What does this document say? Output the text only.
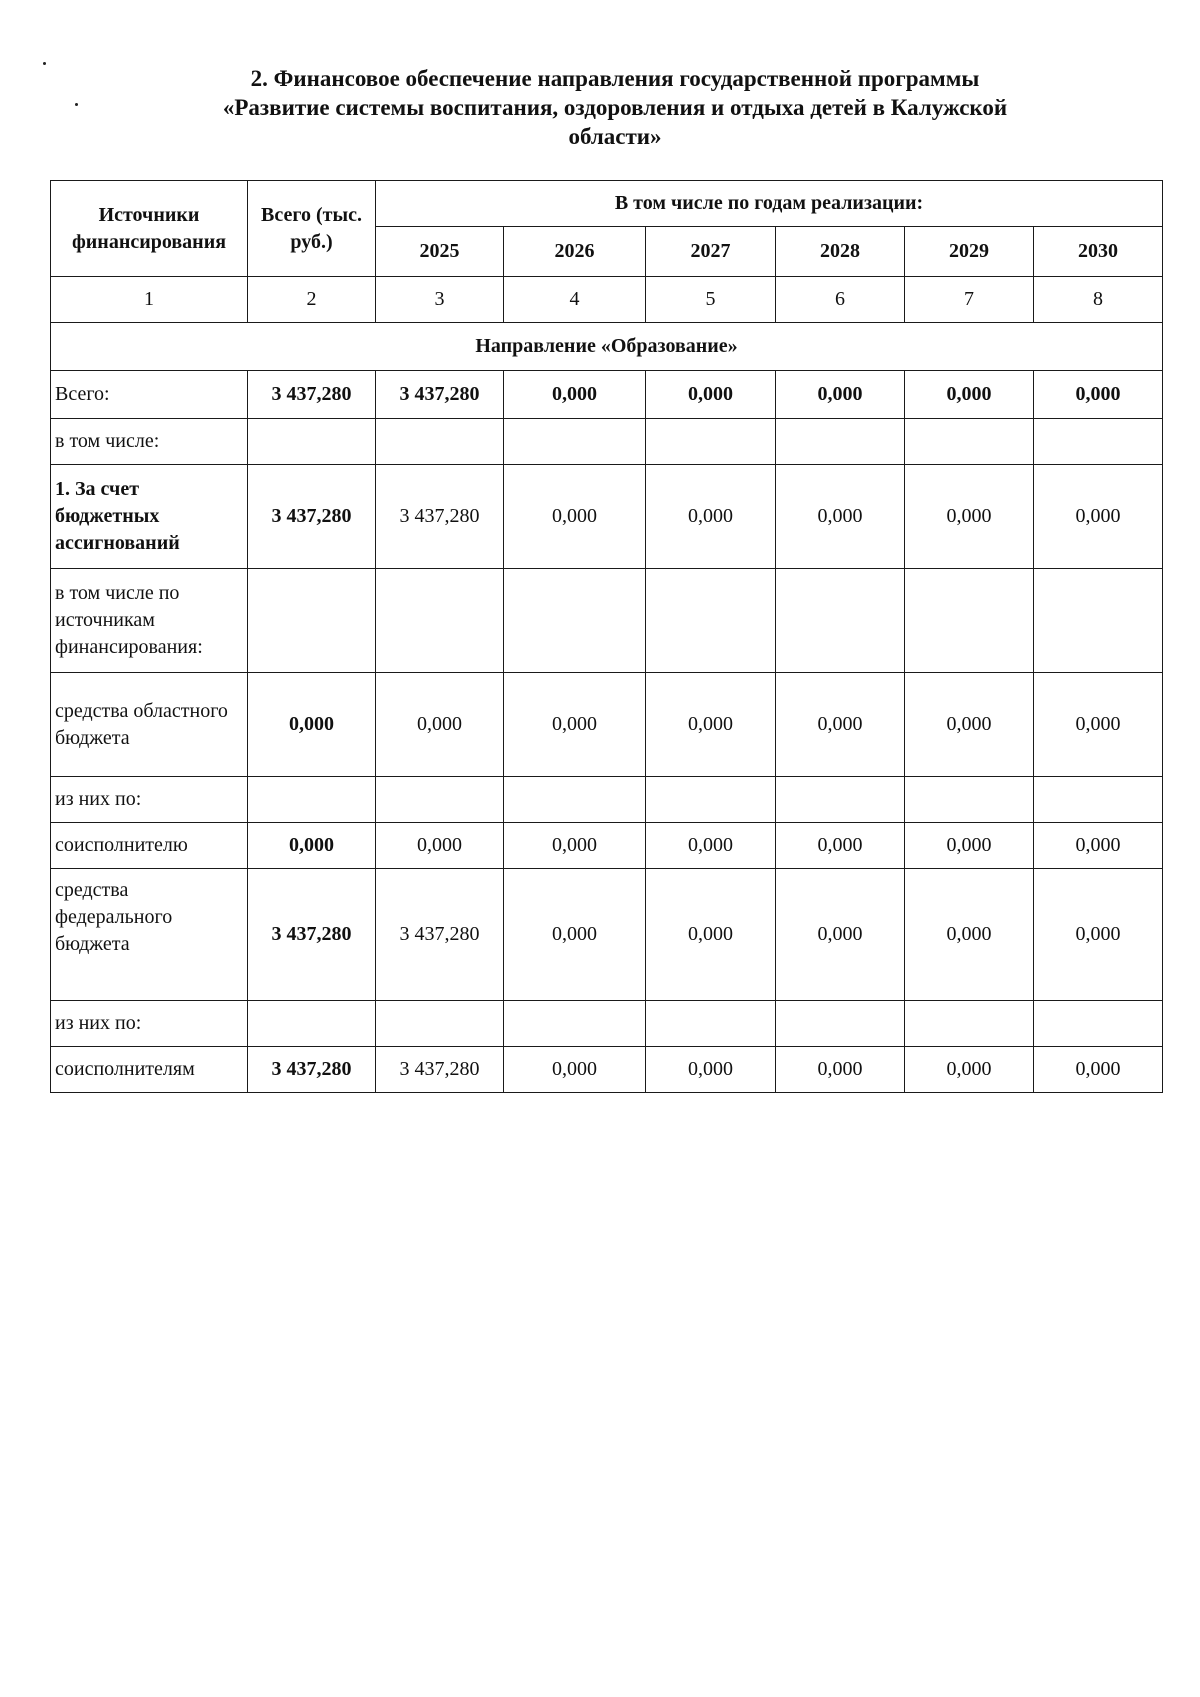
2. Финансовое обеспечение направления государственной программы
«Развитие системы воспитания, оздоровления и отдыха детей в Калужской
области»
Источники финансирования	Всего (тыс. руб.)	В том числе по годам реализации:					
		2025	2026	2027	2028	2029	2030
1	2	3	4	5	6	7	8
Направление «Образование»							
Всего:	3 437,280	3 437,280	0,000	0,000	0,000	0,000	0,000
в том числе:							
1. За счет бюджетных ассигнований	3 437,280	3 437,280	0,000	0,000	0,000	0,000	0,000
в том числе по источникам финансирования:							
средства областного бюджета	0,000	0,000	0,000	0,000	0,000	0,000	0,000
из них по:							
соисполнителю	0,000	0,000	0,000	0,000	0,000	0,000	0,000
средства федерального бюджета	3 437,280	3 437,280	0,000	0,000	0,000	0,000	0,000
из них по:							
соисполнителям	3 437,280	3 437,280	0,000	0,000	0,000	0,000	0,000
